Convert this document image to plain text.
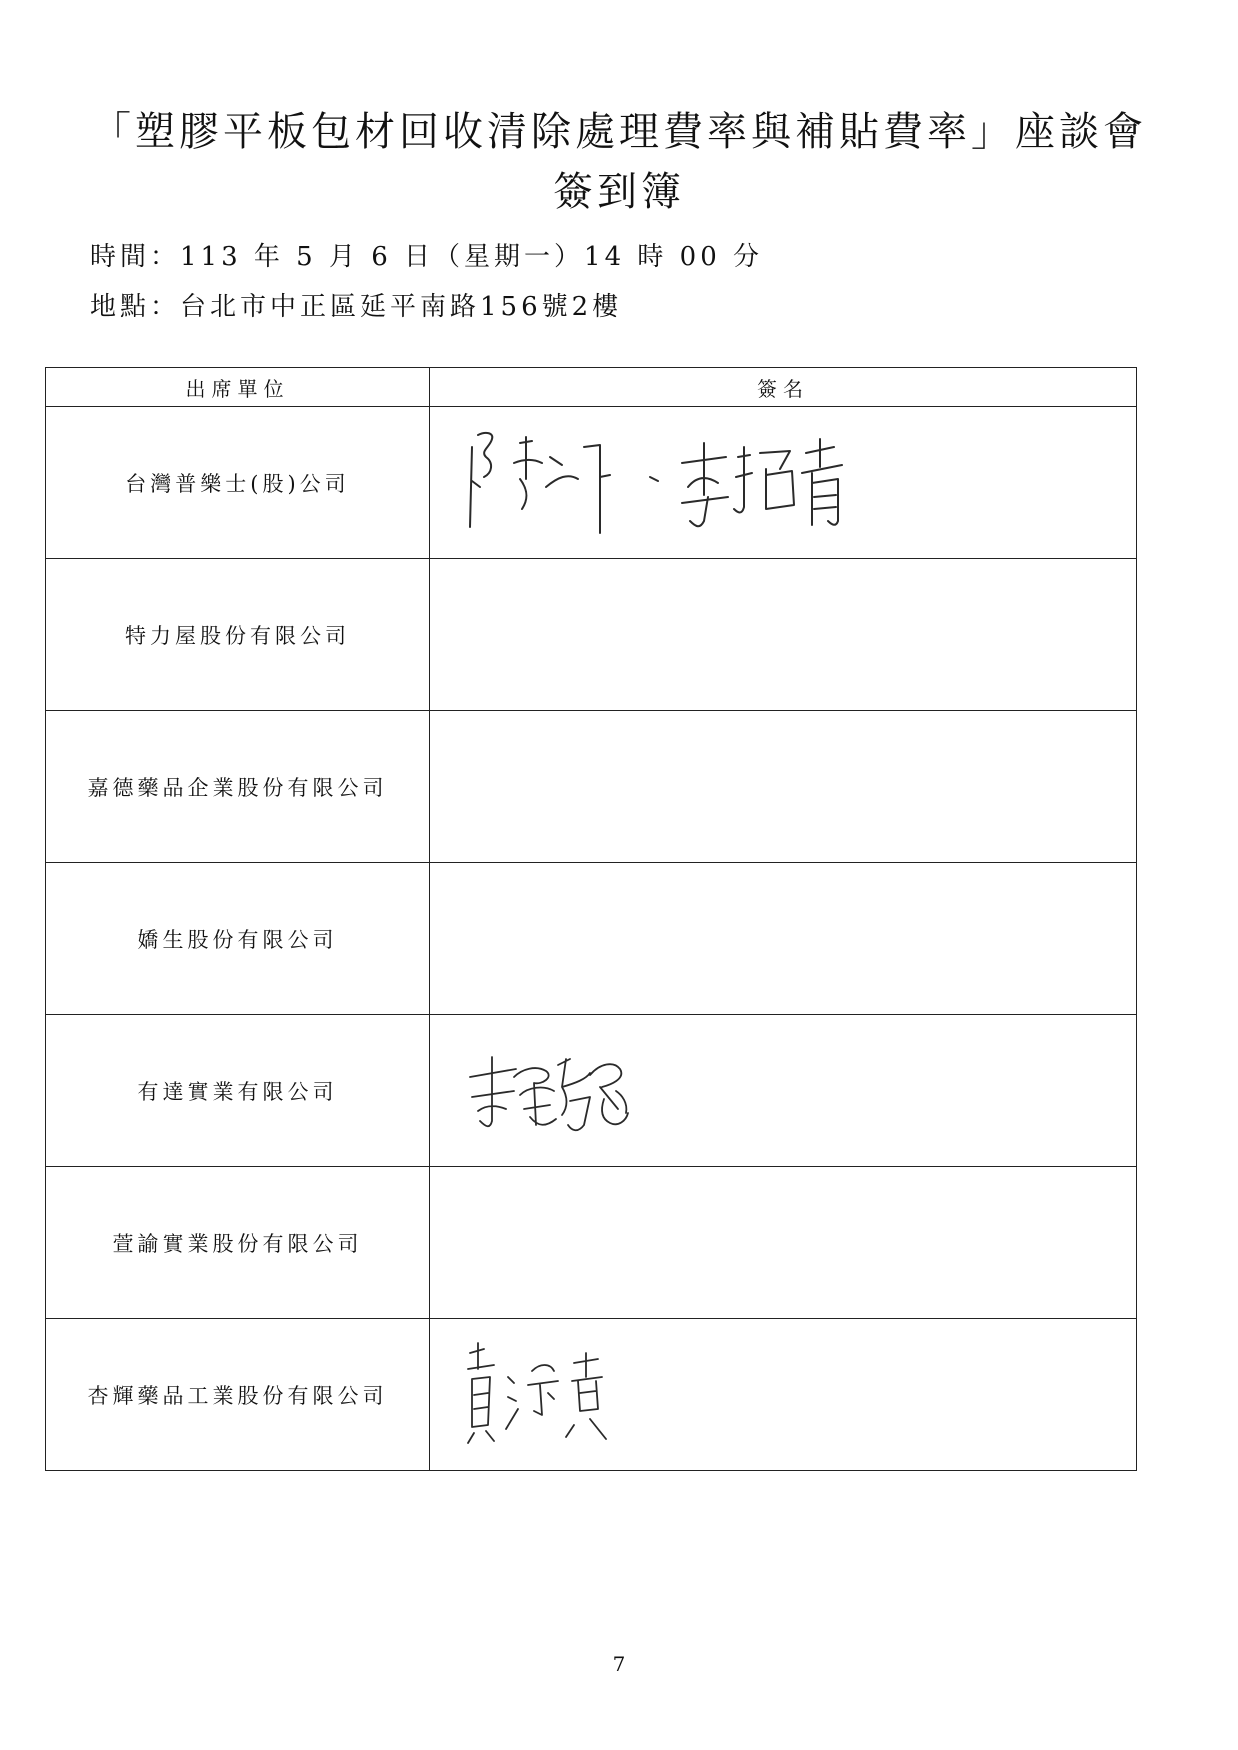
「塑膠平板包材回收清除處理費率與補貼費率」座談會
簽到簿
時間：113 年 5 月 6 日（星期一）14 時 00 分
地點：台北市中正區延平南路156號2樓
出席單位	簽名
台灣普樂士(股)公司	

特力屋股份有限公司	
嘉德藥品企業股份有限公司	
嬌生股份有限公司	
有達實業有限公司	

萱諭實業股份有限公司	
杏輝藥品工業股份有限公司	
7
